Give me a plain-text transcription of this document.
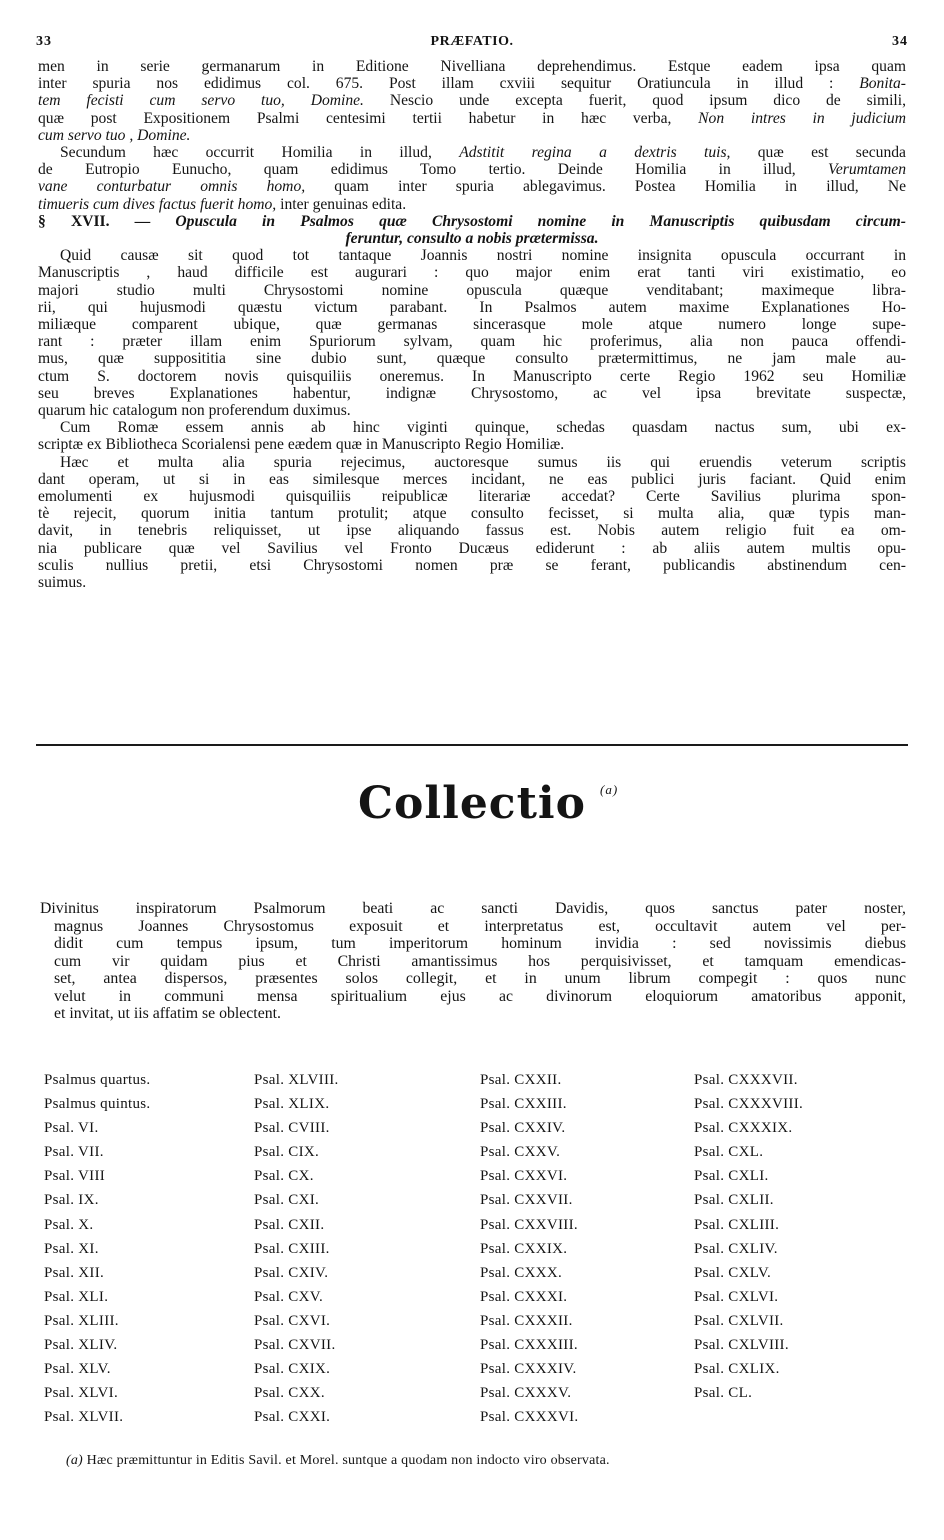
33	PRÆFATIO.	34
men in serie germanarum in Editione Nivelliana deprehendimus. Estque eadem ipsa quam
inter spuria nos edidimus col. 675. Post illam cxviii sequitur Oratiuncula in illud : Bonita-
tem fecisti cum servo tuo, Domine. Nescio unde excepta fuerit, quod ipsum dico de simili,
quæ post Expositionem Psalmi centesimi tertii habetur in hæc verba, Non intres in judicium
cum servo tuo , Domine.
Secundum hæc occurrit Homilia in illud, Adstitit regina a dextris tuis, quæ est secunda
de Eutropio Eunucho, quam edidimus Tomo tertio. Deinde Homilia in illud, Verumtamen
vane conturbatur omnis homo, quam inter spuria ablegavimus. Postea Homilia in illud, Ne
timueris cum dives factus fuerit homo, inter genuinas edita.
§ XVII. — Opuscula in Psalmos quæ Chrysostomi nomine in Manuscriptis quibusdam circum-
feruntur, consulto a nobis prætermissa.
Quid causæ sit quod tot tantaque Joannis nostri nomine insignita opuscula occurrant in
Manuscriptis , haud difficile est augurari : quo major enim erat tanti viri existimatio, eo
majori studio multi Chrysostomi nomine opuscula quæque venditabant; maximeque libra-
rii, qui hujusmodi quæstu victum parabant. In Psalmos autem maxime Explanationes Ho-
miliæque comparent ubique, quæ germanas sincerasque mole atque numero longe supe-
rant : præter illam enim Spuriorum sylvam, quam hic proferimus, alia non pauca offendi-
mus, quæ supposititia sine dubio sunt, quæque consulto prætermittimus, ne jam male au-
ctum S. doctorem novis quisquiliis oneremus. In Manuscripto certe Regio 1962 seu Homiliæ
seu breves Explanationes habentur, indignæ Chrysostomo, ac vel ipsa brevitate suspectæ,
quarum hic catalogum non proferendum duximus.
Cum Romæ essem annis ab hinc viginti quinque, schedas quasdam nactus sum, ubi ex-
scriptæ ex Bibliotheca Scorialensi pene eædem quæ in Manuscripto Regio Homiliæ.
Hæc et multa alia spuria rejecimus, auctoresque sumus iis qui eruendis veterum scriptis
dant operam, ut si in eas similesque merces incidant, ne eas publici juris faciant. Quid enim
emolumenti ex hujusmodi quisquiliis reipublicæ literariæ accedat? Certe Savilius plurima spon-
tè rejecit, quorum initia tantum protulit; atque consulto fecisset, si multa alia, quæ typis man-
davit, in tenebris reliquisset, ut ipse aliquando fassus est. Nobis autem religio fuit ea om-
nia publicare quæ vel Savilius vel Fronto Ducæus ediderunt : ab aliis autem multis opu-
sculis nullius pretii, etsi Chrysostomi nomen præ se ferant, publicandis abstinendum cen-
suimus.
Collectio (a)
Divinitus inspiratorum Psalmorum beati ac sancti Davidis, quos sanctus pater noster,
magnus Joannes Chrysostomus exposuit et interpretatus est, occultavit autem vel per-
didit cum tempus ipsum, tum imperitorum hominum invidia : sed novissimis diebus
cum vir quidam pius et Christi amantissimus hos perquisivisset, et tamquam emendicas-
set, antea dispersos, præsentes solos collegit, et in unum librum compegit : quos nunc
velut in communi mensa spiritualium ejus ac divinorum eloquiorum amatoribus apponit,
et invitat, ut iis affatim se oblectent.
Psalmus quartus.
Psalmus quintus.
Psal. VI.
Psal. VII.
Psal. VIII
Psal. IX.
Psal. X.
Psal. XI.
Psal. XII.
Psal. XLI.
Psal. XLIII.
Psal. XLIV.
Psal. XLV.
Psal. XLVI.
Psal. XLVII.
Psal. XLVIII.
Psal. XLIX.
Psal. CVIII.
Psal. CIX.
Psal. CX.
Psal. CXI.
Psal. CXII.
Psal. CXIII.
Psal. CXIV.
Psal. CXV.
Psal. CXVI.
Psal. CXVII.
Psal. CXIX.
Psal. CXX.
Psal. CXXI.
Psal. CXXII.
Psal. CXXIII.
Psal. CXXIV.
Psal. CXXV.
Psal. CXXVI.
Psal. CXXVII.
Psal. CXXVIII.
Psal. CXXIX.
Psal. CXXX.
Psal. CXXXI.
Psal. CXXXII.
Psal. CXXXIII.
Psal. CXXXIV.
Psal. CXXXV.
Psal. CXXXVI.
Psal. CXXXVII.
Psal. CXXXVIII.
Psal. CXXXIX.
Psal. CXL.
Psal. CXLI.
Psal. CXLII.
Psal. CXLIII.
Psal. CXLIV.
Psal. CXLV.
Psal. CXLVI.
Psal. CXLVII.
Psal. CXLVIII.
Psal. CXLIX.
Psal. CL.
(a) Hæc præmittuntur in Editis Savil. et Morel. suntque a quodam non indocto viro observata.
